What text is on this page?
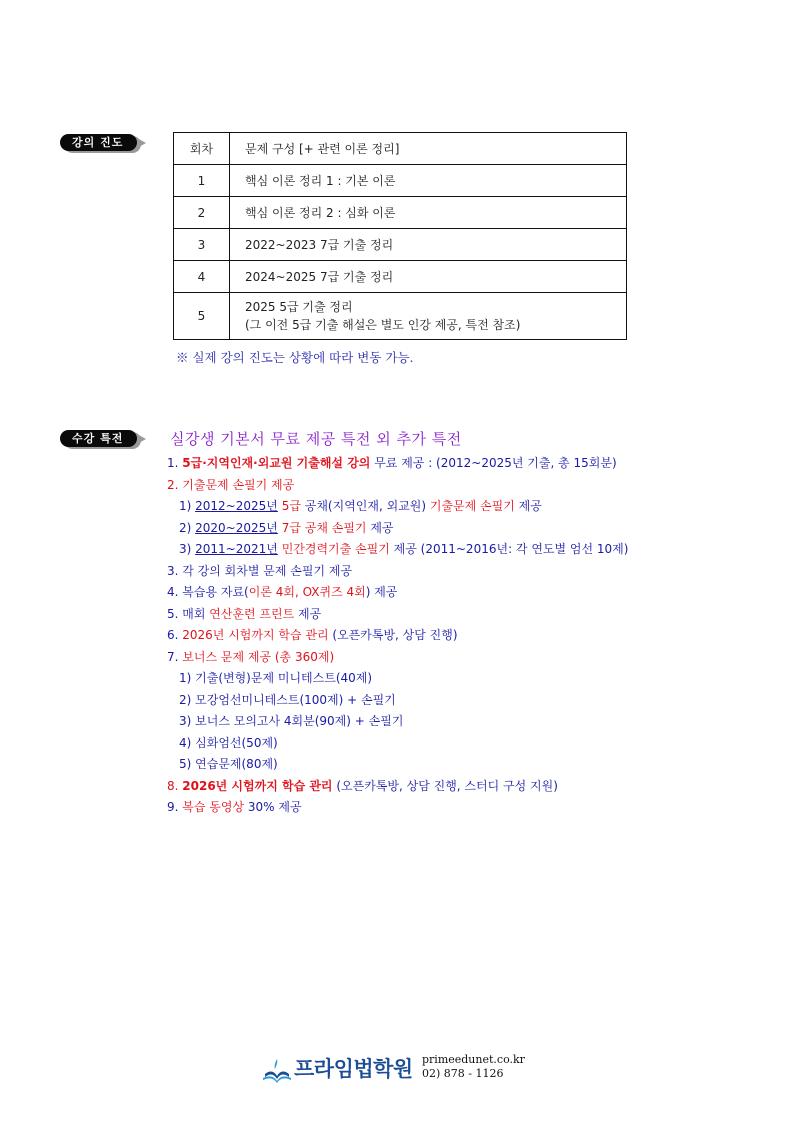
강의 진도	회차	문제 구성 [+ 관련 이론 정리]
1	핵심 이론 정리 1 : 기본 이론
2	핵심 이론 정리 2 : 심화 이론
3	2022~2023 7급 기출 정리
4	2024~2025 7급 기출 정리
5	2025 5급 기출 정리
(그 이전 5급 기출 해설은 별도 인강 제공, 특전 참조)
※ 실제 강의 진도는 상황에 따라 변동 가능.
수강 특전	실강생 기본서 무료 제공 특전 외 추가 특전
1. 5급·지역인재·외교원 기출해설 강의 무료 제공 : (2012~2025년 기출, 총 15회분)
2. 기출문제 손필기 제공
1) 2012~2025년 5급 공채(지역인재, 외교원) 기출문제 손필기 제공
2) 2020~2025년 7급 공채 손필기 제공
3) 2011~2021년 민간경력기출 손필기 제공 (2011~2016년: 각 연도별 엄선 10제)
3. 각 강의 회차별 문제 손필기 제공
4. 복습용 자료(이론 4회, OX퀴즈 4회) 제공
5. 매회 연산훈련 프린트 제공
6. 2026년 시험까지 학습 관리 (오픈카톡방, 상담 진행)
7. 보너스 문제 제공 (총 360제)
1) 기출(변형)문제 미니테스트(40제)
2) 모강엄선미니테스트(100제) + 손필기
3) 보너스 모의고사 4회분(90제) + 손필기
4) 심화엄선(50제)
5) 연습문제(80제)
8. 2026년 시험까지 학습 관리 (오픈카톡방, 상담 진행, 스터디 구성 지원)
9. 복습 동영상 30% 제공
프라임법학원 primeedunet.co.kr
02) 878 - 1126
